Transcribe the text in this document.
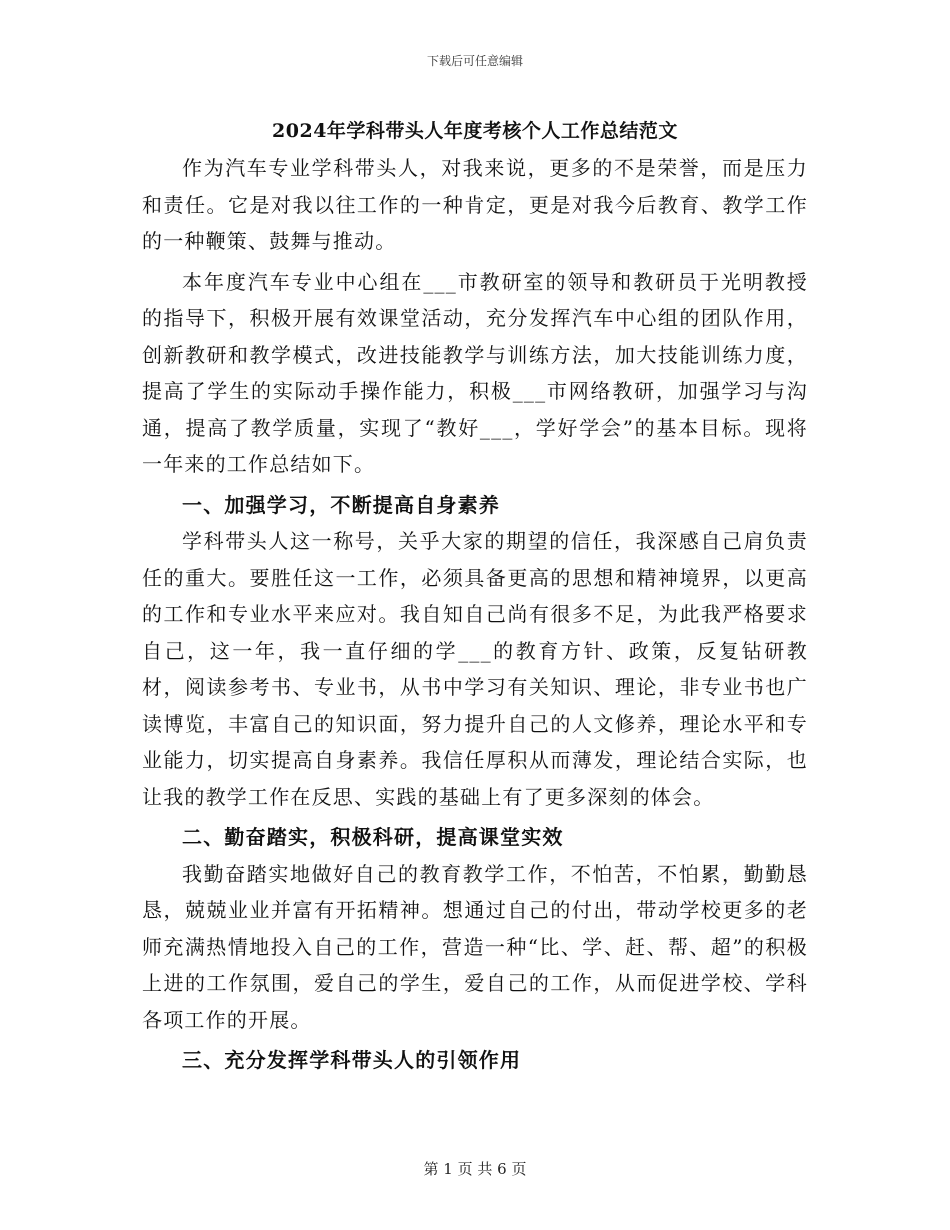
下载后可任意编辑
2024年学科带头人年度考核个人工作总结范文

作为汽车专业学科带头人，对我来说，更多的不是荣誉，而是压力和责任。它是对我以往工作的一种肯定，更是对我今后教育、教学工作的一种鞭策、鼓舞与推动。

本年度汽车专业中心组在___市教研室的领导和教研员于光明教授的指导下，积极开展有效课堂活动，充分发挥汽车中心组的团队作用，创新教研和教学模式，改进技能教学与训练方法，加大技能训练力度，提高了学生的实际动手操作能力，积极___市网络教研，加强学习与沟通，提高了教学质量，实现了“教好___，学好学会”的基本目标。现将一年来的工作总结如下。

一、加强学习，不断提高自身素养

学科带头人这一称号，关乎大家的期望的信任，我深感自己肩负责任的重大。要胜任这一工作，必须具备更高的思想和精神境界，以更高的工作和专业水平来应对。我自知自己尚有很多不足，为此我严格要求自己，这一年，我一直仔细的学___的教育方针、政策，反复钻研教材，阅读参考书、专业书，从书中学习有关知识、理论，非专业书也广读博览，丰富自己的知识面，努力提升自己的人文修养，理论水平和专业能力，切实提高自身素养。我信任厚积从而薄发，理论结合实际，也让我的教学工作在反思、实践的基础上有了更多深刻的体会。

二、勤奋踏实，积极科研，提高课堂实效

我勤奋踏实地做好自己的教育教学工作，不怕苦，不怕累，勤勤恳恳，兢兢业业并富有开拓精神。想通过自己的付出，带动学校更多的老师充满热情地投入自己的工作，营造一种“比、学、赶、帮、超”的积极上进的工作氛围，爱自己的学生，爱自己的工作，从而促进学校、学科各项工作的开展。

三、充分发挥学科带头人的引领作用

第 1 页 共 6 页
